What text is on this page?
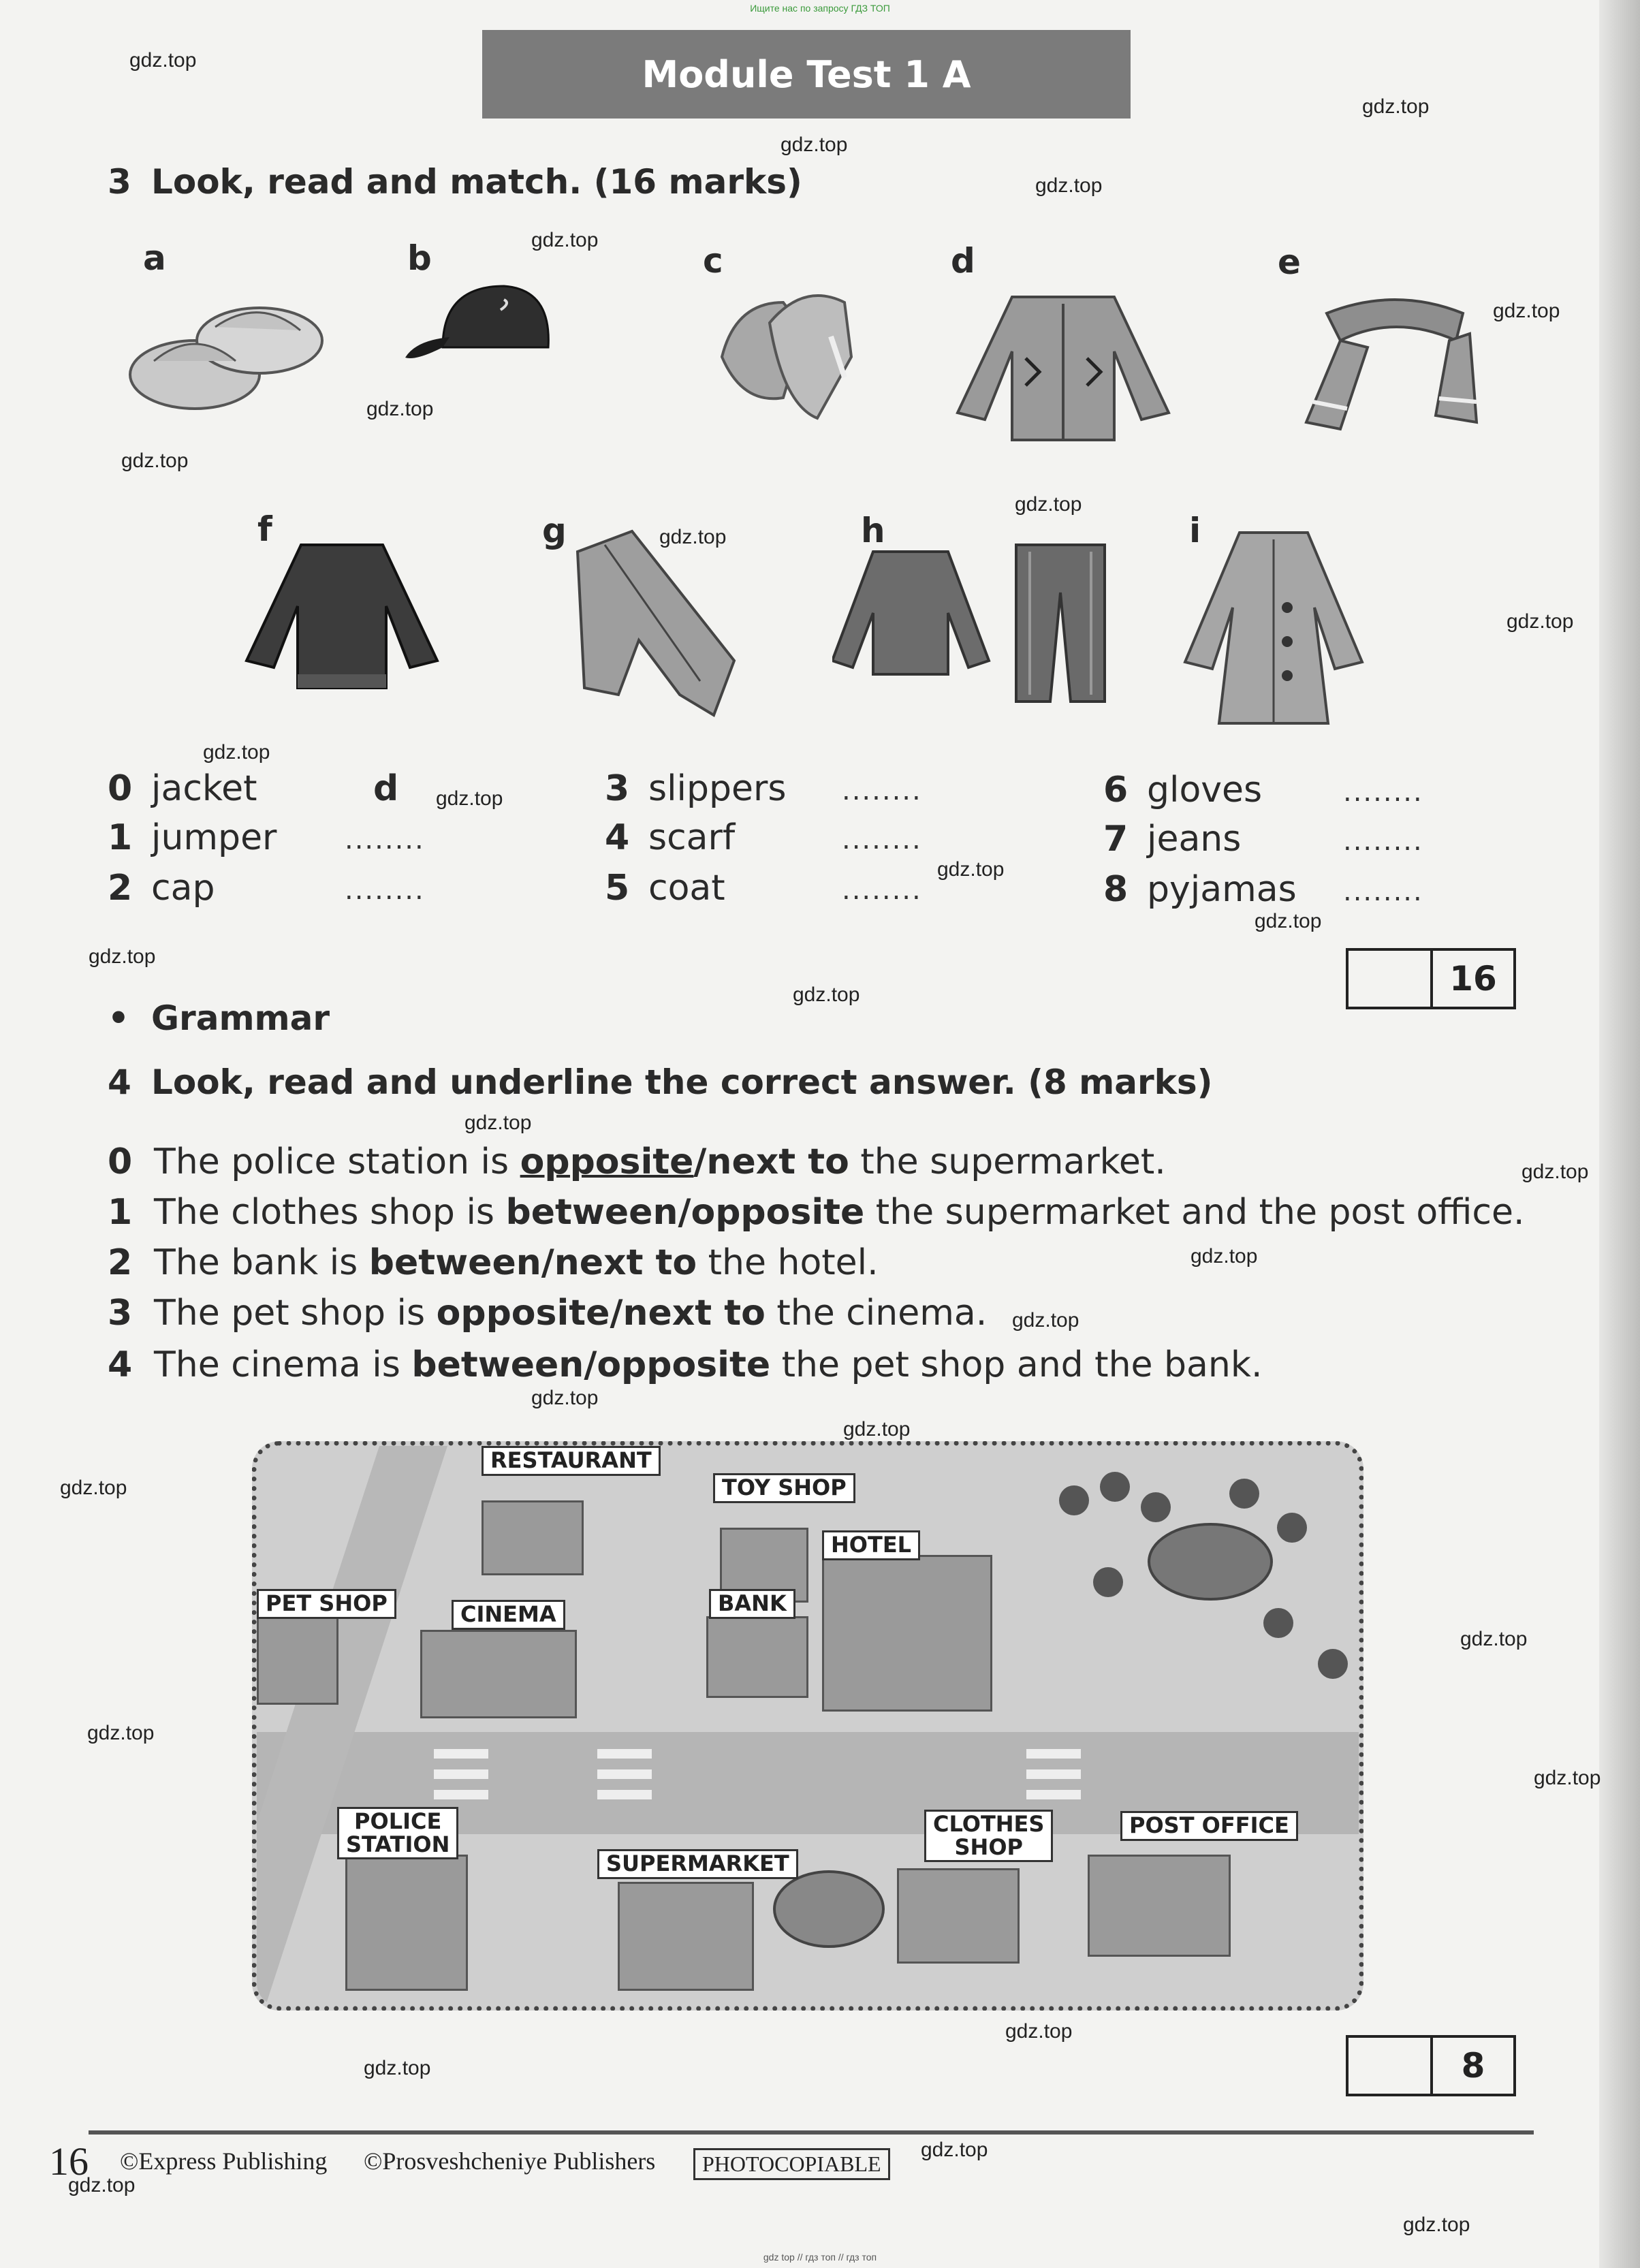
Ищите нас по запросу ГДЗ ТОП
Module Test 1 A
3 Look, read and match. (16 marks)
a	b	c	d	e
f	g	h	i
0 jacket	d
1 jumper ........
2 cap	........
3 slippers ........
4 scarf	........
5 coat	........
6 gloves	........
7 jeans	........
8 pyjamas ........
16
• Grammar
4 Look, read and underline the correct answer. (8 marks)
0 The police station is opposite/next to the supermarket.
1 The clothes shop is between/opposite the supermarket and the post office.
2 The bank is between/next to the hotel.
3 The pet shop is opposite/next to the cinema.
4 The cinema is between/opposite the pet shop and the bank.
RESTAURANT
TOY SHOP
HOTEL
BANK
CINEMA
PET SHOP
POLICE
STATION
SUPERMARKET
CLOTHES
SHOP
POST OFFICE
8
16 ©Express Publishing ©Prosveshcheniye Publishers	PHOTOCOPIABLE
gdz top // гдз топ // гдз топ
gdz.top
gdz.top
gdz.top
gdz.top
gdz.top
gdz.top
gdz.top
gdz.top
gdz.top
gdz.top
gdz.top
gdz.top
gdz.top
gdz.top
gdz.top
gdz.top
gdz.top
gdz.top
gdz.top
gdz.top
gdz.top
gdz.top
gdz.top
gdz.top
gdz.top
gdz.top
gdz.top
gdz.top
gdz.top
gdz.top
gdz.top
gdz.top
